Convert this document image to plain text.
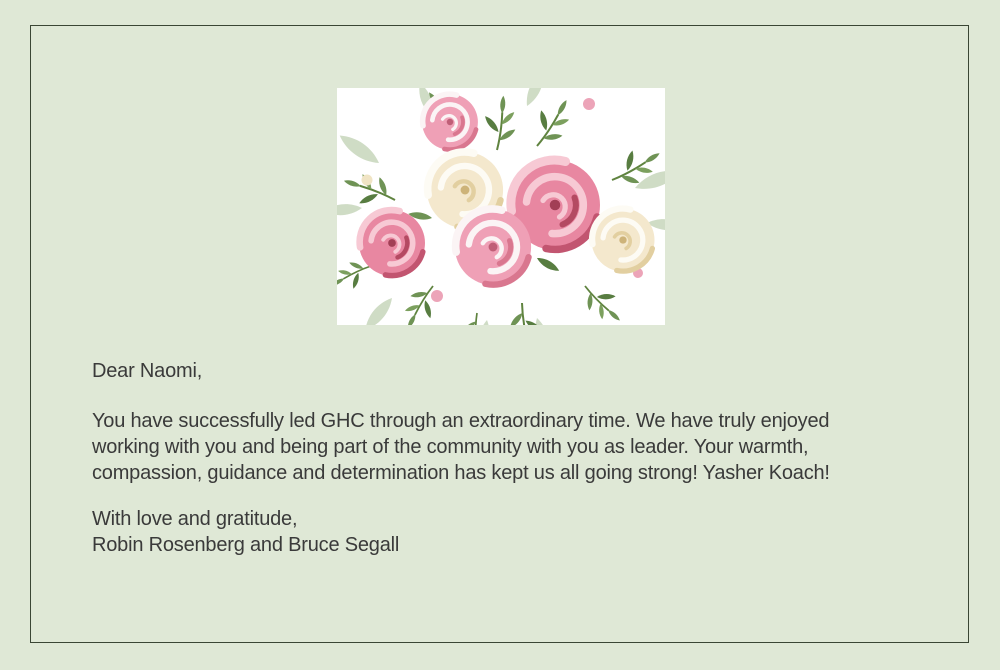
Dear Naomi,

You have successfully led GHC through an extraordinary time. We have truly enjoyed

working with you and being part of the community with you as leader. Your warmth,

compassion, guidance and determination has kept us all going strong! Yasher Koach!

With love and gratitude,

Robin Rosenberg and Bruce Segall
